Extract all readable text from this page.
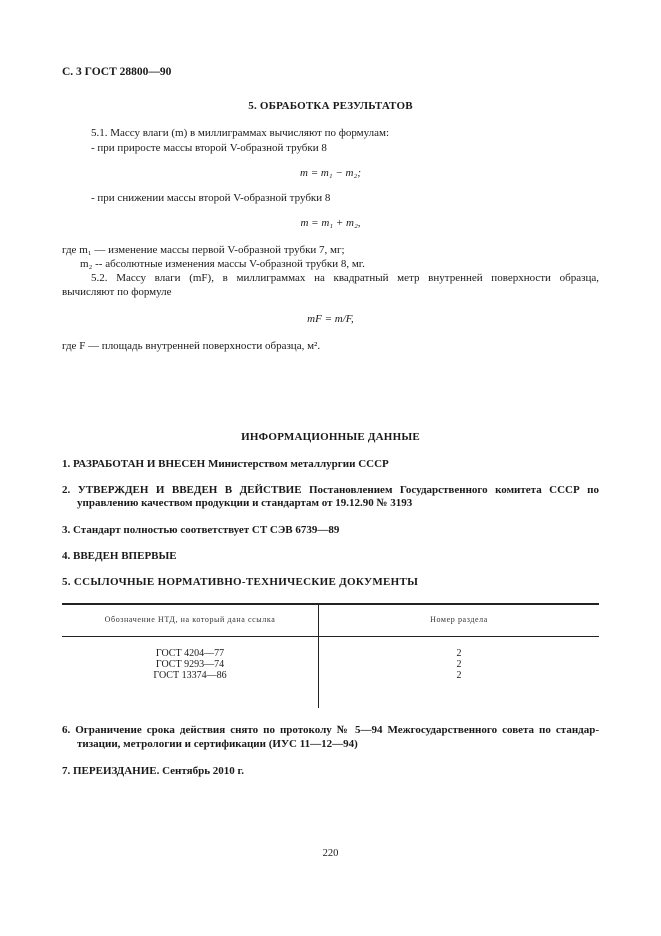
С. 3 ГОСТ 28800—90
5. ОБРАБОТКА РЕЗУЛЬТАТОВ
5.1. Массу влаги (m) в миллиграммах вычисляют по формулам:
- при приросте массы второй V-образной трубки 8
m = m₁ − m₂;
- при снижении массы второй V-образной трубки 8
m = m₁ + m₂,
где m₁ — изменение массы первой V-образной трубки 7, мг;
m₂ -- абсолютные изменения массы V-образной трубки 8, мг.
5.2. Массу влаги (mF), в миллиграммах на квадратный метр внутренней поверхности образца,
вычисляют по формуле
mF = m/F,
где F — площадь внутренней поверхности образца, м².
ИНФОРМАЦИОННЫЕ ДАННЫЕ
1. РАЗРАБОТАН И ВНЕСЕН Министерством металлургии СССР
2. УТВЕРЖДЕН И ВВЕДЕН В ДЕЙСТВИЕ Постановлением Государственного комитета СССР по
управлению качеством продукции и стандартам от 19.12.90 № 3193
3. Стандарт полностью соответствует СТ СЭВ 6739—89
4. ВВЕДЕН ВПЕРВЫЕ
5. ССЫЛОЧНЫЕ НОРМАТИВНО-ТЕХНИЧЕСКИЕ ДОКУМЕНТЫ
Обозначение НТД, на который дана ссылка	Номер раздела
ГОСТ 4204—77
ГОСТ 9293—74
ГОСТ 13374—86
2
2
2
6. Ограничение срока действия снято по протоколу № 5—94 Межгосударственного совета по стандар-
тизации, метрологии и сертификации (ИУС 11—12—94)
7. ПЕРЕИЗДАНИЕ. Сентябрь 2010 г.
220
